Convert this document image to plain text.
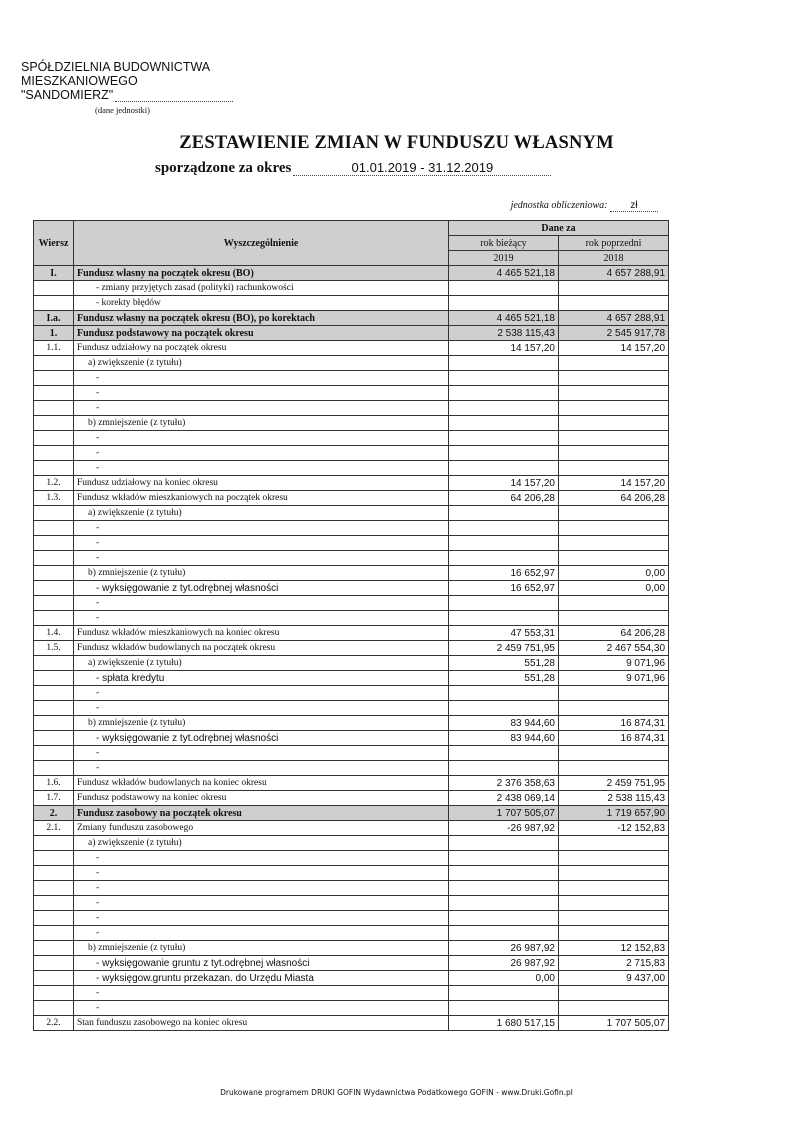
SPÓŁDZIELNIA BUDOWNICTWA
MIESZKANIOWEGO
"SANDOMIERZ"
(dane jednostki)
ZESTAWIENIE ZMIAN W FUNDUSZU WŁASNYM
sporządzone za okres	01.01.2019 - 31.12.2019
jednostka obliczeniowa: zł
Wiersz	Wyszczególnienie	Dane za	
		rok bieżący	rok poprzedni
		2019	2018
I.	Fundusz własny na początek okresu (BO)	4 465 521,18	4 657 288,91
	- zmiany przyjętych zasad (polityki) rachunkowości		
	- korekty błędów		
I.a.	Fundusz własny na początek okresu (BO), po korektach	4 465 521,18	4 657 288,91
1.	Fundusz podstawowy na początek okresu	2 538 115,43	2 545 917,78
1.1.	Fundusz udziałowy na początek okresu	14 157,20	14 157,20
	a) zwiększenie (z tytułu)		
	-		
	-		
	-		
	b) zmniejszenie (z tytułu)		
	-		
	-		
	-		
1.2.	Fundusz udziałowy na koniec okresu	14 157,20	14 157,20
1.3.	Fundusz wkładów mieszkaniowych na początek okresu	64 206,28	64 206,28
	a) zwiększenie (z tytułu)		
	-		
	-		
	-		
	b) zmniejszenie (z tytułu)	16 652,97	0,00
	- wyksięgowanie z tyt.odrębnej własności	16 652,97	0,00
	-		
	-		
1.4.	Fundusz wkładów mieszkaniowych na koniec okresu	47 553,31	64 206,28
1.5.	Fundusz wkładów budowlanych na początek okresu	2 459 751,95	2 467 554,30
	a) zwiększenie (z tytułu)	551,28	9 071,96
	- spłata kredytu	551,28	9 071,96
	-		
	-		
	b) zmniejszenie (z tytułu)	83 944,60	16 874,31
	- wyksięgowanie z tyt.odrębnej własności	83 944,60	16 874,31
	-		
	-		
1.6.	Fundusz wkładów budowlanych na koniec okresu	2 376 358,63	2 459 751,95
1.7.	Fundusz podstawowy na koniec okresu	2 438 069,14	2 538 115,43
2.	Fundusz zasobowy na początek okresu	1 707 505,07	1 719 657,90
2.1.	Zmiany funduszu zasobowego	-26 987,92	-12 152,83
	a) zwiększenie (z tytułu)		
	-		
	-		
	-		
	-		
	-		
	-		
	b) zmniejszenie (z tytułu)	26 987,92	12 152,83
	- wyksięgowanie gruntu z tyt.odrębnej własności	26 987,92	2 715,83
	- wyksięgow.gruntu przekazan. do Urzędu Miasta	0,00	9 437,00
	-		
	-		
2.2.	Stan funduszu zasobowego na koniec okresu	1 680 517,15	1 707 505,07
Drukowane programem DRUKI GOFIN Wydawnictwa Podatkowego GOFIN - www.Druki.Gofin.pl
